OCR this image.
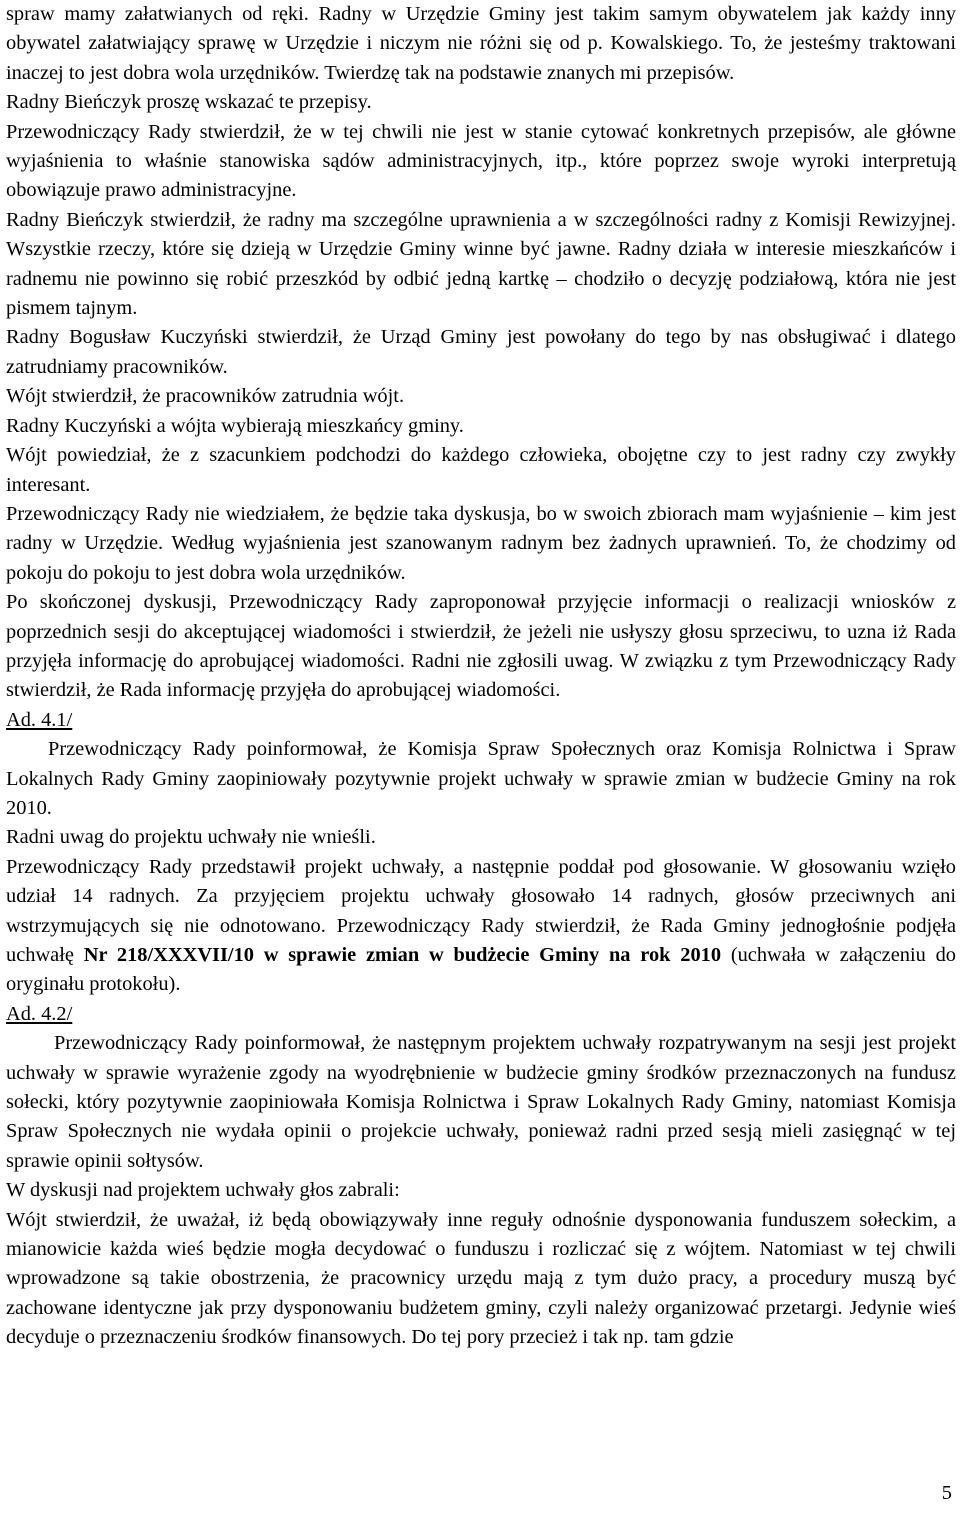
spraw mamy załatwianych od ręki. Radny w Urzędzie Gminy jest takim samym obywatelem jak każdy inny obywatel załatwiający sprawę w Urzędzie i niczym nie różni się od p. Kowalskiego. To, że jesteśmy traktowani inaczej to jest dobra wola urzędników. Twierdzę tak na podstawie znanych mi przepisów.

Radny Bieńczyk proszę wskazać te przepisy.

Przewodniczący Rady stwierdził, że w tej chwili nie jest w stanie cytować konkretnych przepisów, ale główne wyjaśnienia to właśnie stanowiska sądów administracyjnych, itp., które poprzez swoje wyroki interpretują obowiązuje prawo administracyjne.

Radny Bieńczyk stwierdził, że radny ma szczególne uprawnienia a w szczególności radny z Komisji Rewizyjnej. Wszystkie rzeczy, które się dzieją w Urzędzie Gminy winne być jawne. Radny działa w interesie mieszkańców i radnemu nie powinno się robić przeszkód by odbić jedną kartkę – chodziło o decyzję podziałową, która nie jest pismem tajnym.

Radny Bogusław Kuczyński stwierdził, że Urząd Gminy jest powołany do tego by nas obsługiwać i dlatego zatrudniamy pracowników.

Wójt stwierdził, że pracowników zatrudnia wójt.

Radny Kuczyński a wójta wybierają mieszkańcy gminy.

Wójt powiedział, że z szacunkiem podchodzi do każdego człowieka, obojętne czy to jest radny czy zwykły interesant.

Przewodniczący Rady nie wiedziałem, że będzie taka dyskusja, bo w swoich zbiorach mam wyjaśnienie – kim jest radny w Urzędzie. Według wyjaśnienia jest szanowanym radnym bez żadnych uprawnień. To, że chodzimy od pokoju do pokoju to jest dobra wola urzędników.

Po skończonej dyskusji, Przewodniczący Rady zaproponował przyjęcie informacji o realizacji wniosków z poprzednich sesji do akceptującej wiadomości i stwierdził, że jeżeli nie usłyszy głosu sprzeciwu, to uzna iż Rada przyjęła informację do aprobującej wiadomości. Radni nie zgłosili uwag. W związku z tym Przewodniczący Rady stwierdził, że Rada informację przyjęła do aprobującej wiadomości.

Ad. 4.1/

Przewodniczący Rady poinformował, że Komisja Spraw Społecznych oraz Komisja Rolnictwa i Spraw Lokalnych Rady Gminy zaopiniowały pozytywnie projekt uchwały w sprawie zmian w budżecie Gminy na rok 2010.

Radni uwag do projektu uchwały nie wnieśli.

Przewodniczący Rady przedstawił projekt uchwały, a następnie poddał pod głosowanie. W głosowaniu wzięło udział 14 radnych. Za przyjęciem projektu uchwały głosowało 14 radnych, głosów przeciwnych ani wstrzymujących się nie odnotowano. Przewodniczący Rady stwierdził, że Rada Gminy jednogłośnie podjęła uchwałę Nr 218/XXXVII/10 w sprawie zmian w budżecie Gminy na rok 2010 (uchwała w załączeniu do oryginału protokołu).

Ad. 4.2/

Przewodniczący Rady poinformował, że następnym projektem uchwały rozpatrywanym na sesji jest projekt uchwały w sprawie wyrażenie zgody na wyodrębnienie w budżecie gminy środków przeznaczonych na fundusz sołecki, który pozytywnie zaopiniowała Komisja Rolnictwa i Spraw Lokalnych Rady Gminy, natomiast Komisja Spraw Społecznych nie wydała opinii o projekcie uchwały, ponieważ radni przed sesją mieli zasięgnąć w tej sprawie opinii sołtysów.

W dyskusji nad projektem uchwały głos zabrali:

Wójt stwierdził, że uważał, iż będą obowiązywały inne reguły odnośnie dysponowania funduszem sołeckim, a mianowicie każda wieś będzie mogła decydować o funduszu i rozliczać się z wójtem. Natomiast w tej chwili wprowadzone są takie obostrzenia, że pracownicy urzędu mają z tym dużo pracy, a procedury muszą być zachowane identyczne jak przy dysponowaniu budżetem gminy, czyli należy organizować przetargi. Jedynie wieś decyduje o przeznaczeniu środków finansowych. Do tej pory przecież i tak np. tam gdzie

5
